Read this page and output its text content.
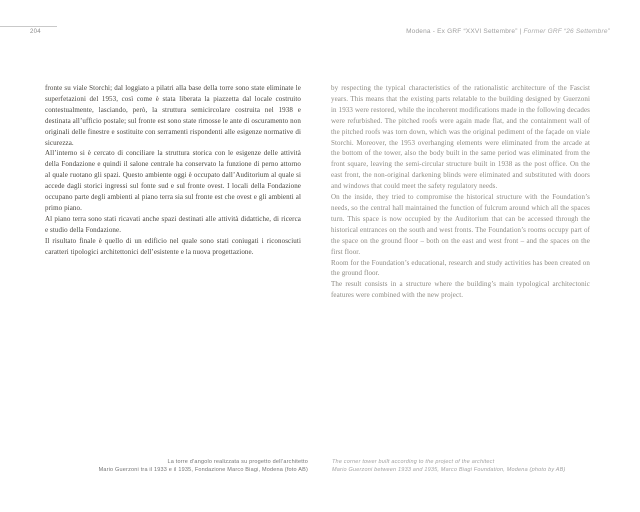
204	Modena - Ex GRF “XXVI Settembre” | Former GRF “26 Settembre”

fronte su viale Storchi; dal loggiato a pilatri alla base della torre sono state eliminate le superfetazioni del 1953, così come è stata liberata la piazzetta dal locale costruito contestualmente, lasciando, però, la struttura semicircolare costruita nel 1938 e destinata all’ufficio postale; sul fronte est sono state rimosse le ante di oscuramento non originali delle finestre e sostituite con serramenti rispondenti alle esigenze normative di sicurezza.

All’interno si è cercato di conciliare la struttura storica con le esigenze delle attività della Fondazione e quindi il salone centrale ha conservato la funzione di perno attorno al quale ruotano gli spazi. Questo ambiente oggi è occupato dall’Auditorium al quale si accede dagli storici ingressi sul fonte sud e sul fronte ovest. I locali della Fondazione occupano parte degli ambienti al piano terra sia sul fronte est che ovest e gli ambienti al primo piano.

Al piano terra sono stati ricavati anche spazi destinati alle attività didattiche, di ricerca e studio della Fondazione.

Il risultato finale è quello di un edificio nel quale sono stati coniugati i riconosciuti caratteri tipologici architettonici dell’esistente e la nuova progettazione.

by respecting the typical characteristics of the rationalistic architecture of the Fascist years. This means that the existing parts relatable to the building designed by Guerzoni in 1933 were restored, while the incoherent modifications made in the following decades were refurbished. The pitched roofs were again made flat, and the containment wall of the pitched roofs was torn down, which was the original pediment of the façade on viale Storchi. Moreover, the 1953 overhanging elements were eliminated from the arcade at the bottom of the tower, also the body built in the same period was eliminated from the front square, leaving the semi-circular structure built in 1938 as the post office. On the east front, the non-original darkening blinds were eliminated and substituted with doors and windows that could meet the safety regulatory needs.

On the inside, they tried to compromise the historical structure with the Foundation’s needs, so the central hall maintained the function of fulcrum around which all the spaces turn. This space is now occupied by the Auditorium that can be accessed through the historical entrances on the south and west fronts. The Foundation’s rooms occupy part of the space on the ground floor – both on the east and west front – and the spaces on the first floor.

Room for the Foundation’s educational, research and study activities has been created on the ground floor.

The result consists in a structure where the building’s main typological architectonic features were combined with the new project.

La torre d’angolo realizzata su progetto dell’architetto
Mario Guerzoni tra il 1933 e il 1935, Fondazione Marco Biagi, Modena (foto AB)
The corner tower built according to the project of the architect
Mario Guerzoni between 1933 and 1935, Marco Biagi Foundation, Modena (photo by AB)
